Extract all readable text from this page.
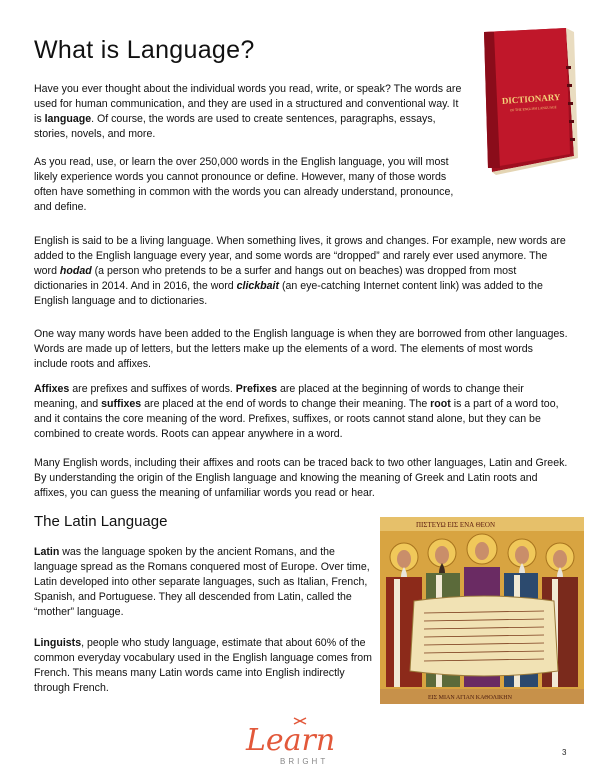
What is Language?
DICTIONARY
OF THE ENGLISH LANGUAGE

Have you ever thought about the individual words you read, write, or speak? The words are used for human communication, and they are used in a structured and conventional way. It is language. Of course, the words are used to create sentences, paragraphs, essays, stories, novels, and more.

As you read, use, or learn the over 250,000 words in the English language, you will most likely experience words you cannot pronounce or define. However, many of those words often have something in common with the words you can already understand, pronounce, and define.

English is said to be a living language. When something lives, it grows and changes. For example, new words are added to the English language every year, and some words are “dropped” and rarely ever used anymore. The word hodad (a person who pretends to be a surfer and hangs out on beaches) was dropped from most dictionaries in 2014. And in 2016, the word clickbait (an eye-catching Internet content link) was added to the English language and to dictionaries.

One way many words have been added to the English language is when they are borrowed from other languages. Words are made up of letters, but the letters make up the elements of a word. The elements of most words include roots and affixes.

Affixes are prefixes and suffixes of words. Prefixes are placed at the beginning of words to change their meaning, and suffixes are placed at the end of words to change their meaning. The root is a part of a word too, and it contains the core meaning of the word. Prefixes, suffixes, or roots cannot stand alone, but they can be combined to create words. Roots can appear anywhere in a word.

Many English words, including their affixes and roots can be traced back to two other languages, Latin and Greek. By understanding the origin of the English language and knowing the meaning of Greek and Latin roots and affixes, you can guess the meaning of unfamiliar words you read or hear.

The Latin Language

Latin was the language spoken by the ancient Romans, and the language spread as the Romans conquered most of Europe. Over time, Latin developed into other separate languages, such as Italian, French, Spanish, and Portuguese. They all descended from Latin, called the “mother” language.

Linguists, people who study language, estimate that about 60% of the common everyday vocabulary used in the English language comes from French. This means many Latin words came into English indirectly through French.

ΠΙΣΤΕΥΩ ΕΙΣ ΕΝΑ ΘΕΟΝ
ΕΙΣ ΜΙΑΝ ΑΓΙΑΝ ΚΑΘΟΛΙΚΗΝ
Learn
BRIGHT
3
